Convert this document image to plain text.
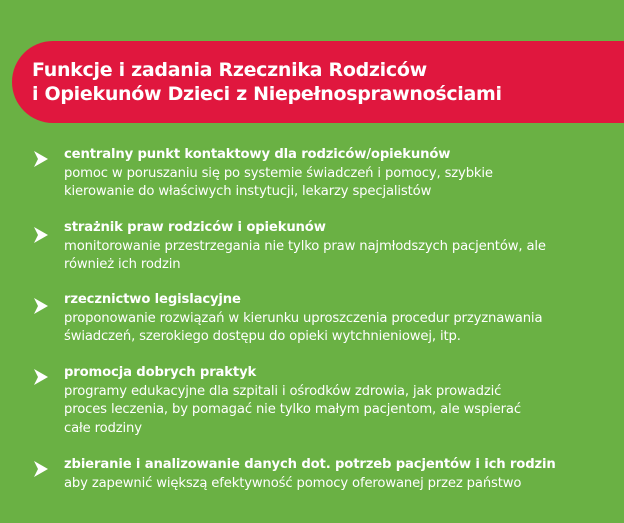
Funkcje i zadania Rzecznika Rodziców
i Opiekunów Dzieci z Niepełnosprawnościami
centralny punkt kontaktowy dla rodziców/opiekunów
pomoc w poruszaniu się po systemie świadczeń i pomocy, szybkie
kierowanie do właściwych instytucji, lekarzy specjalistów
strażnik praw rodziców i opiekunów
monitorowanie przestrzegania nie tylko praw najmłodszych pacjentów, ale
również ich rodzin
rzecznictwo legislacyjne
proponowanie rozwiązań w kierunku uproszczenia procedur przyznawania
świadczeń, szerokiego dostępu do opieki wytchnieniowej, itp.
promocja dobrych praktyk
programy edukacyjne dla szpitali i ośrodków zdrowia, jak prowadzić
proces leczenia, by pomagać nie tylko małym pacjentom, ale wspierać
całe rodziny
zbieranie i analizowanie danych dot. potrzeb pacjentów i ich rodzin
aby zapewnić większą efektywność pomocy oferowanej przez państwo
